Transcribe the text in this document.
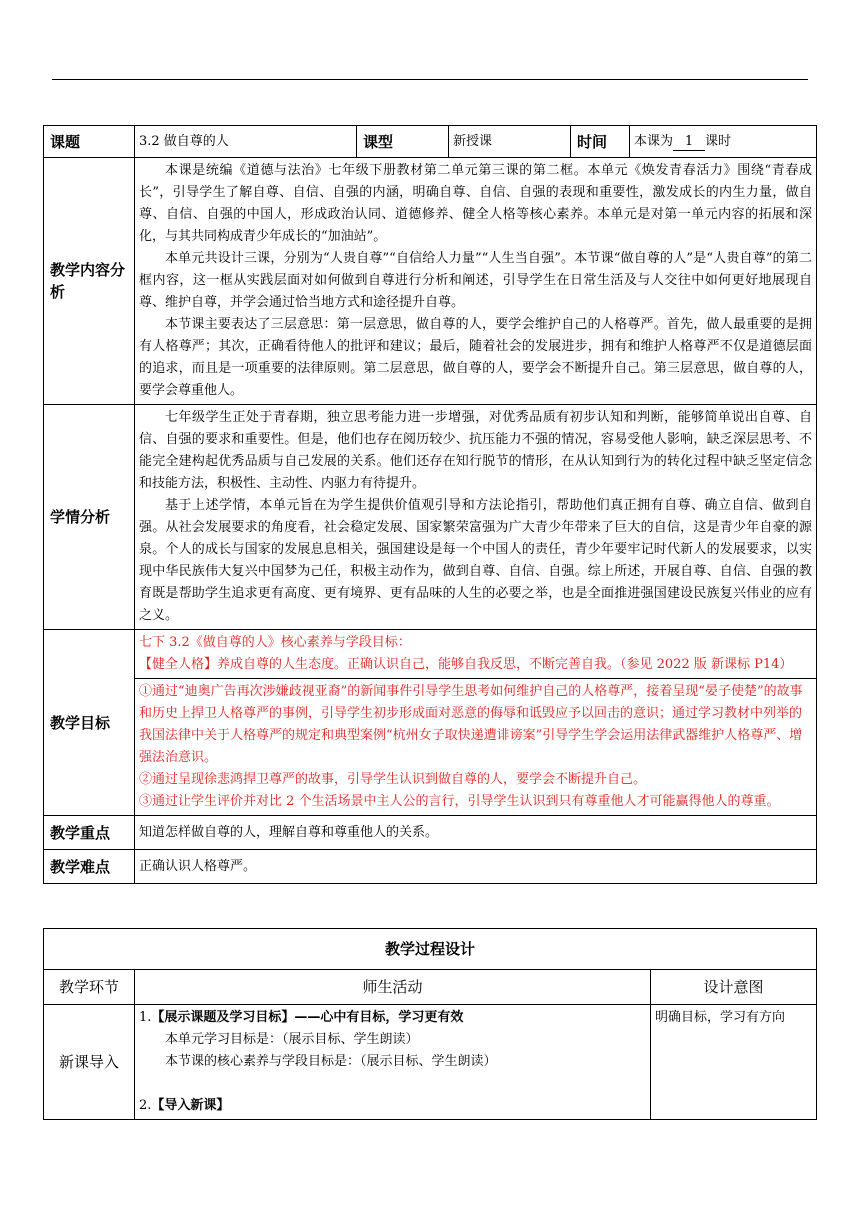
课题	3.2 做自尊的人	课型	新授课	时间	本课为 1 课时
教学内容分析	本课是统编《道德与法治》七年级下册教材第二单元第三课的第二框。本单元《焕发青春活力》围绕“青春成长”，引导学生了解自尊、自信、自强的内涵，明确自尊、自信、自强的表现和重要性，激发成长的内生力量，做自尊、自信、自强的中国人，形成政治认同、道德修养、健全人格等核心素养。本单元是对第一单元内容的拓展和深化，与其共同构成青少年成长的“加油站”。

本单元共设计三课，分别为“人贵自尊”“自信给人力量”“人生当自强”。本节课“做自尊的人”是“人贵自尊”的第二框内容，这一框从实践层面对如何做到自尊进行分析和阐述，引导学生在日常生活及与人交往中如何更好地展现自尊、维护自尊，并学会通过恰当地方式和途径提升自尊。

本节课主要表达了三层意思：第一层意思，做自尊的人，要学会维护自己的人格尊严。首先，做人最重要的是拥有人格尊严；其次，正确看待他人的批评和建议；最后，随着社会的发展进步，拥有和维护人格尊严不仅是道德层面的追求，而且是一项重要的法律原则。第二层意思，做自尊的人，要学会不断提升自己。第三层意思，做自尊的人，要学会尊重他人。				

学情分析	七年级学生正处于青春期，独立思考能力进一步增强，对优秀品质有初步认知和判断，能够简单说出自尊、自信、自强的要求和重要性。但是，他们也存在阅历较少、抗压能力不强的情况，容易受他人影响，缺乏深层思考、不能完全建构起优秀品质与自己发展的关系。他们还存在知行脱节的情形，在从认知到行为的转化过程中缺乏坚定信念和技能方法，积极性、主动性、内驱力有待提升。

基于上述学情，本单元旨在为学生提供价值观引导和方法论指引，帮助他们真正拥有自尊、确立自信、做到自强。从社会发展要求的角度看，社会稳定发展、国家繁荣富强为广大青少年带来了巨大的自信，这是青少年自豪的源泉。个人的成长与国家的发展息息相关，强国建设是每一个中国人的责任，青少年要牢记时代新人的发展要求，以实现中华民族伟大复兴中国梦为己任，积极主动作为，做到自尊、自信、自强。综上所述，开展自尊、自信、自强的教育既是帮助学生追求更有高度、更有境界、更有品味的人生的必要之举，也是全面推进强国建设民族复兴伟业的应有之义。				

教学目标	七下 3.2《做自尊的人》核心素养与学段目标：

【健全人格】养成自尊的人生态度。正确认识自己，能够自我反思，不断完善自我。（参见 2022 版 新课标 P14）				

	①通过“迪奥广告再次涉嫌歧视亚裔”的新闻事件引导学生思考如何维护自己的人格尊严，接着呈现“晏子使楚”的故事和历史上捍卫人格尊严的事例，引导学生初步形成面对恶意的侮辱和诋毁应予以回击的意识；通过学习教材中列举的我国法律中关于人格尊严的规定和典型案例“杭州女子取快递遭诽谤案”引导学生学会运用法律武器维护人格尊严、增强法治意识。

②通过呈现徐悲鸿捍卫尊严的故事，引导学生认识到做自尊的人，要学会不断提升自己。

③通过让学生评价并对比 2 个生活场景中主人公的言行，引导学生认识到只有尊重他人才可能赢得他人的尊重。				

教学重点	知道怎样做自尊的人，理解自尊和尊重他人的关系。				
教学难点	正确认识人格尊严。				
教学过程设计		
教学环节	师生活动	设计意图
新课导入	1.【展示课题及学习目标】——心中有目标，学习更有效

本单元学习目标是：（展示目标、学生朗读）

本节课的核心素养与学段目标是：（展示目标、学生朗读）

2.【导入新课】	明确目标，学习有方向
